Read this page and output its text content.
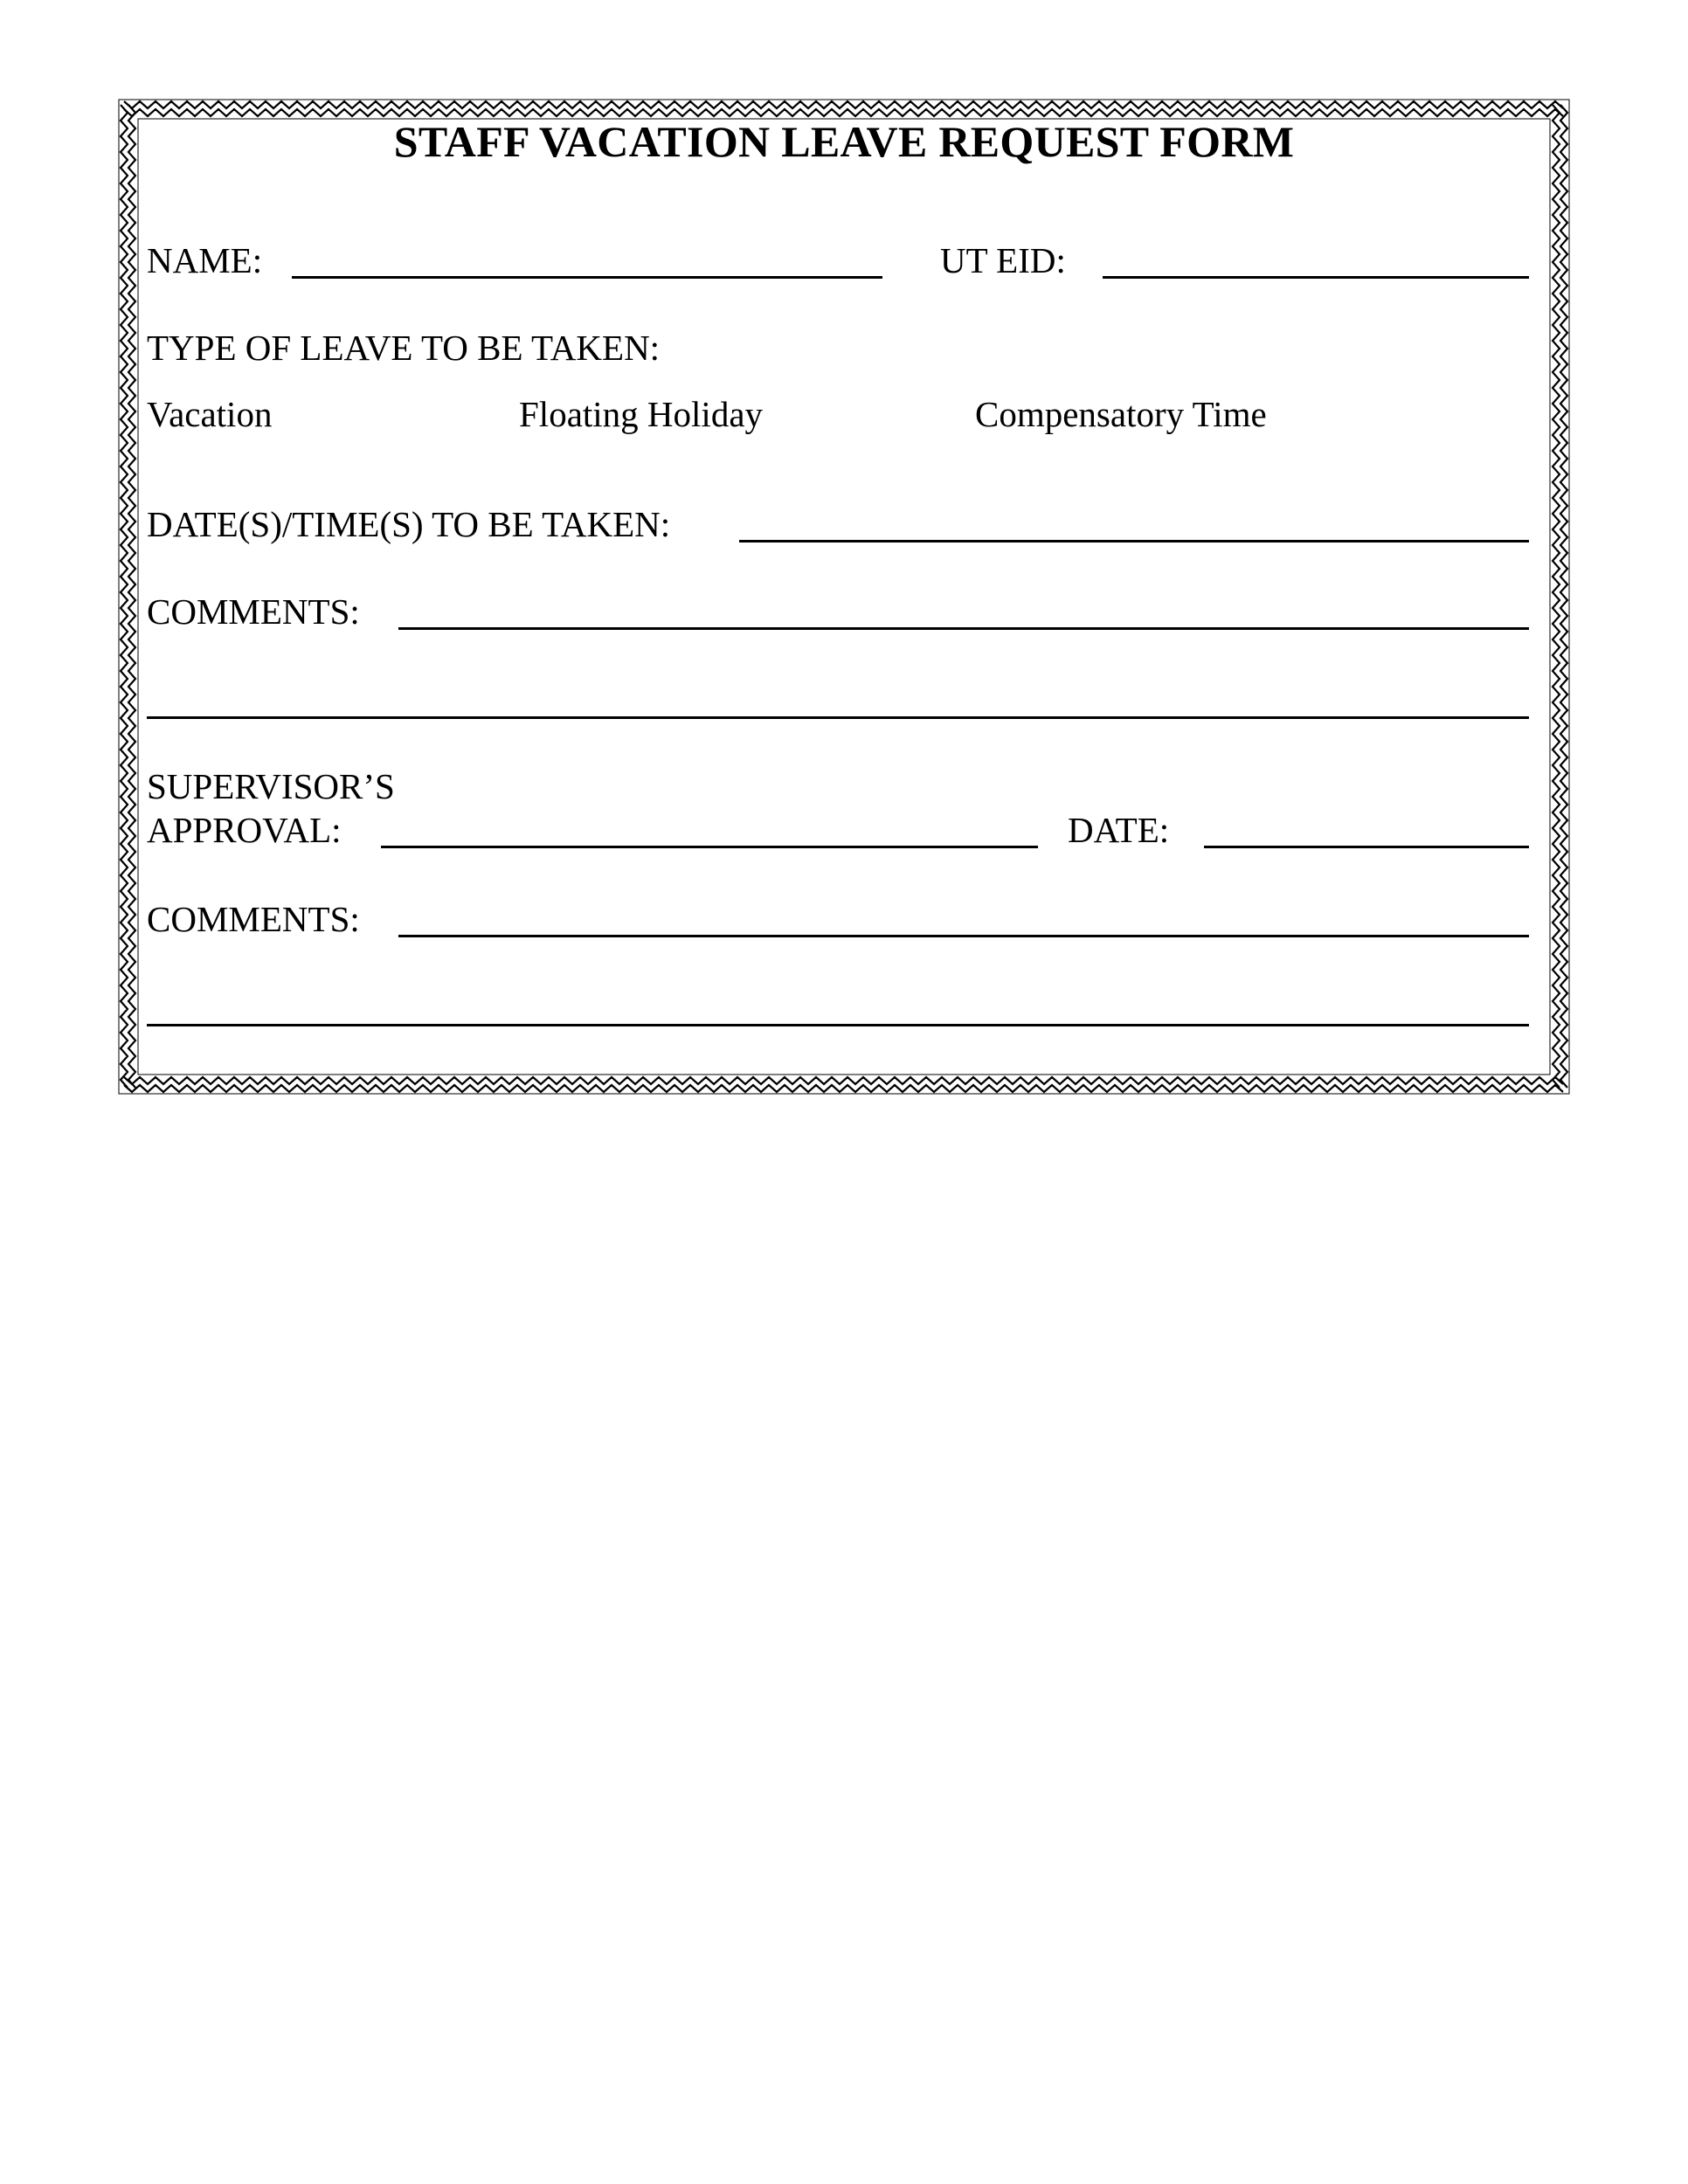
STAFF VACATION LEAVE REQUEST FORM
NAME:	UT EID:
TYPE OF LEAVE TO BE TAKEN:
Vacation	Floating Holiday	Compensatory Time
DATE(S)/TIME(S) TO BE TAKEN:
COMMENTS:
SUPERVISOR’S
APPROVAL:	DATE:
COMMENTS:
